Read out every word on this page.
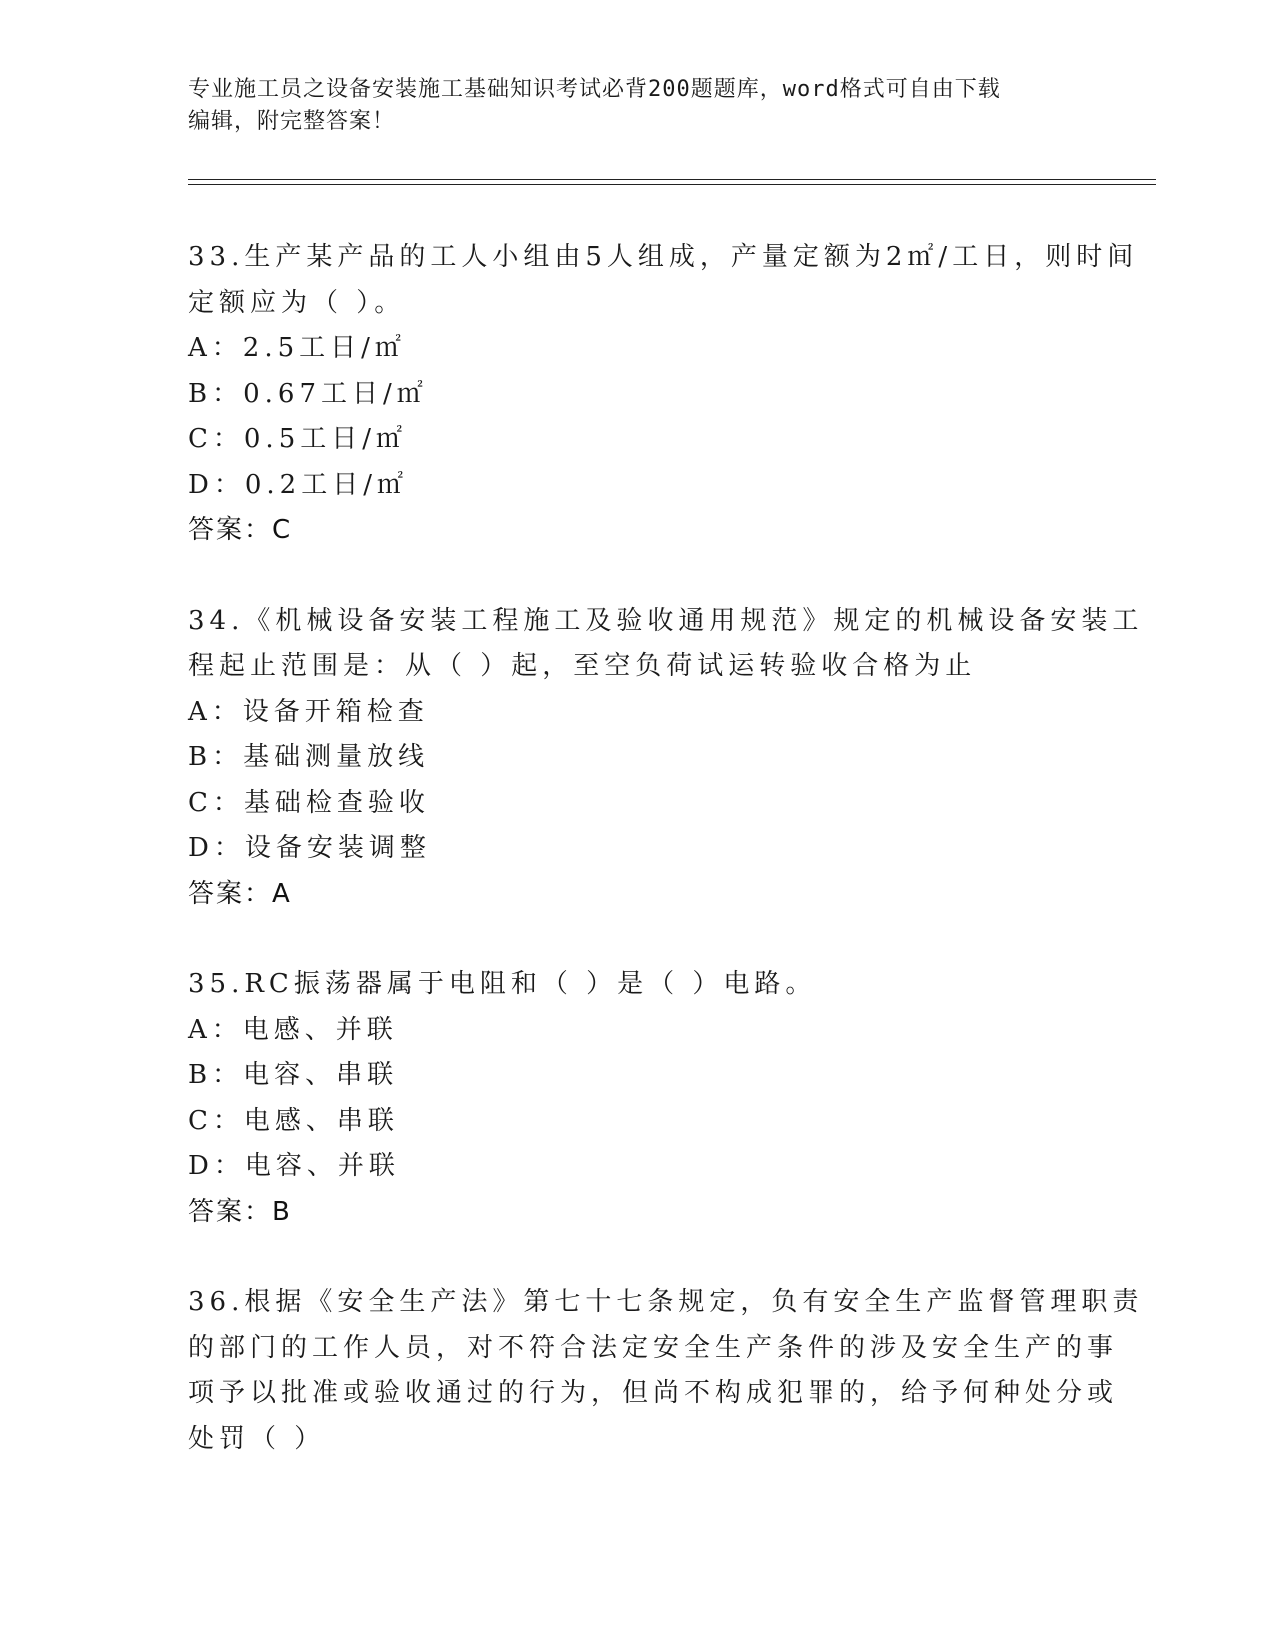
专业施工员之设备安装施工基础知识考试必背200题题库，word格式可自由下载
编辑，附完整答案！
33.生产某产品的工人小组由5人组成，产量定额为2㎡/工日，则时间
定额应为（ ）。
A：2.5工日/㎡
B：0.67工日/㎡
C：0.5工日/㎡
D：0.2工日/㎡
答案：C
34.《机械设备安装工程施工及验收通用规范》规定的机械设备安装工
程起止范围是：从（ ）起，至空负荷试运转验收合格为止
A：设备开箱检查
B：基础测量放线
C：基础检查验收
D：设备安装调整
答案：A
35.RC振荡器属于电阻和（ ）是（ ）电路。
A：电感、并联
B：电容、串联
C：电感、串联
D：电容、并联
答案：B
36.根据《安全生产法》第七十七条规定，负有安全生产监督管理职责
的部门的工作人员，对不符合法定安全生产条件的涉及安全生产的事
项予以批准或验收通过的行为，但尚不构成犯罪的，给予何种处分或
处罚（ ）
